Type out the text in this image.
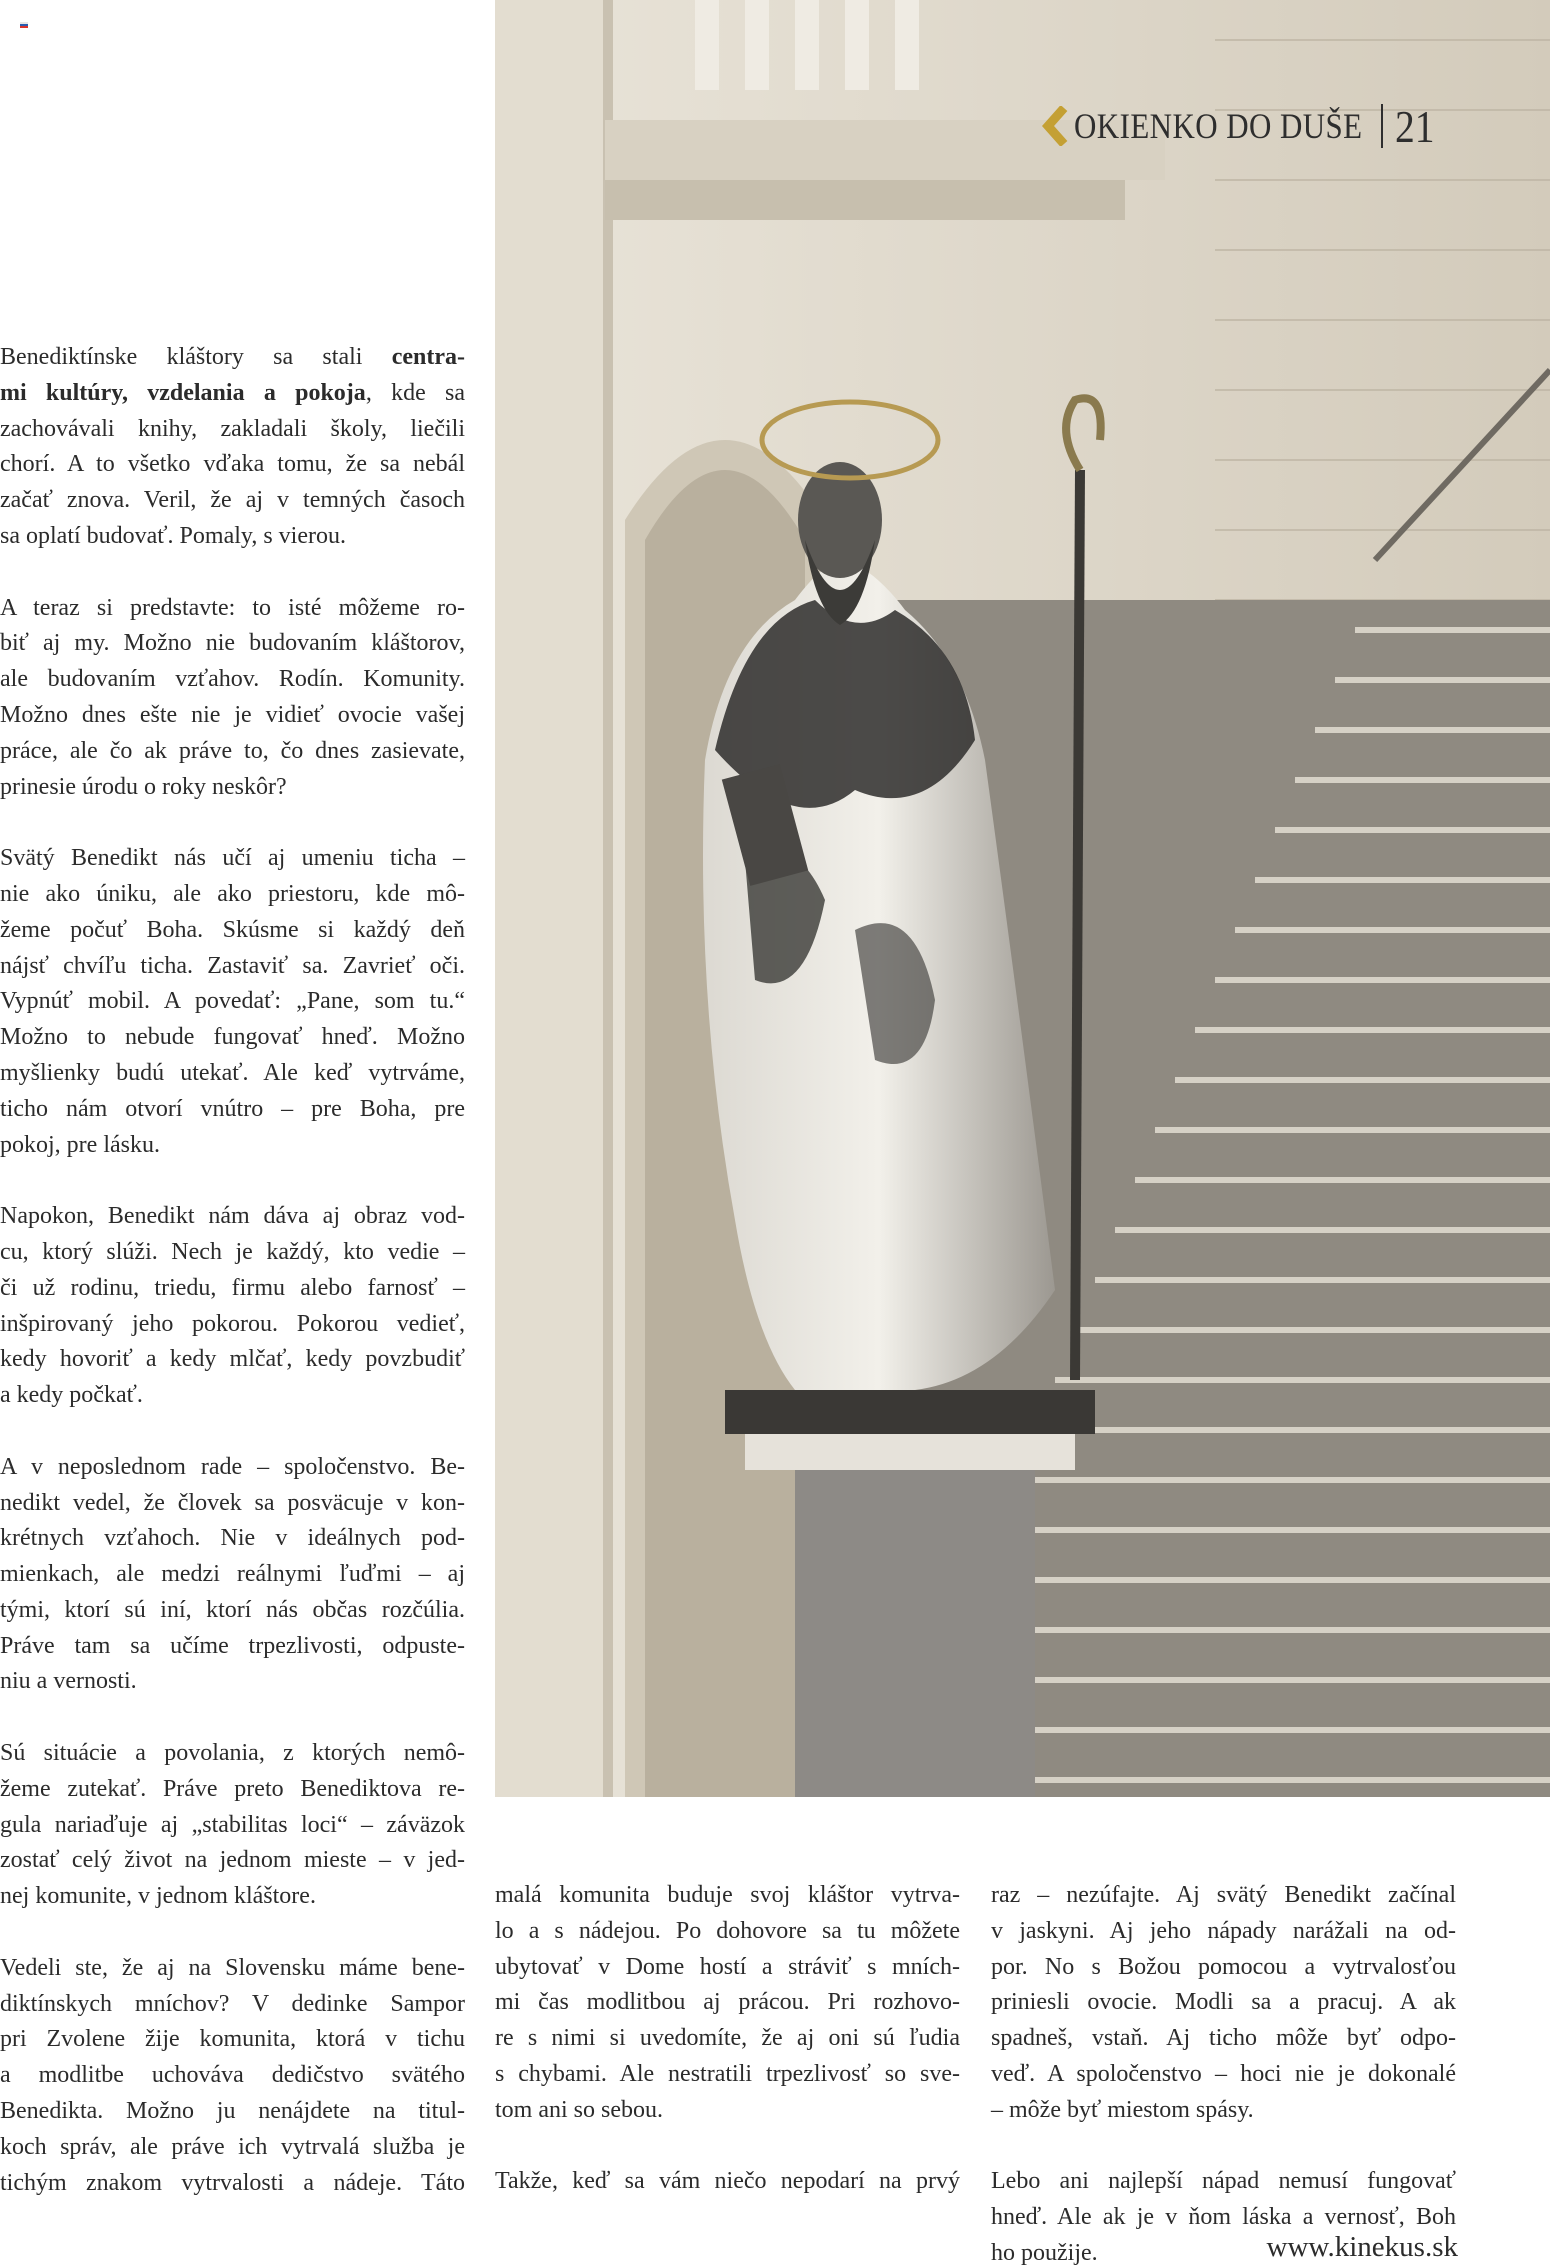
OKIENKO DO DUŠE 21

Benediktínske kláštory sa stali centra-
mi kultúry, vzdelania a pokoja, kde sa
zachovávali knihy, zakladali školy, liečili
chorí. A to všetko vďaka tomu, že sa nebál
začať znova. Veril, že aj v temných časoch
sa oplatí budovať. Pomaly, s vierou.

A teraz si predstavte: to isté môžeme ro-
biť aj my. Možno nie budovaním kláštorov,
ale budovaním vzťahov. Rodín. Komunity.
Možno dnes ešte nie je vidieť ovocie vašej
práce, ale čo ak práve to, čo dnes zasievate,
prinesie úrodu o roky neskôr?

Svätý Benedikt nás učí aj umeniu ticha –
nie ako úniku, ale ako priestoru, kde mô-
žeme počuť Boha. Skúsme si každý deň
nájsť chvíľu ticha. Zastaviť sa. Zavrieť oči.
Vypnúť mobil. A povedať: „Pane, som tu.“
Možno to nebude fungovať hneď. Možno
myšlienky budú utekať. Ale keď vytrváme,
ticho nám otvorí vnútro – pre Boha, pre
pokoj, pre lásku.

Napokon, Benedikt nám dáva aj obraz vod-
cu, ktorý slúži. Nech je každý, kto vedie –
či už rodinu, triedu, firmu alebo farnosť –
inšpirovaný jeho pokorou. Pokorou vedieť,
kedy hovoriť a kedy mlčať, kedy povzbudiť
a kedy počkať.

A v neposlednom rade – spoločenstvo. Be-
nedikt vedel, že človek sa posväcuje v kon-
krétnych vzťahoch. Nie v ideálnych pod-
mienkach, ale medzi reálnymi ľuďmi – aj
tými, ktorí sú iní, ktorí nás občas rozčúlia.
Práve tam sa učíme trpezlivosti, odpuste-
niu a vernosti.

Sú situácie a povolania, z ktorých nemô-
žeme zutekať. Práve preto Benediktova re-
gula nariaďuje aj „stabilitas loci“ – záväzok
zostať celý život na jednom mieste – v jed-
nej komunite, v jednom kláštore.

Vedeli ste, že aj na Slovensku máme bene-
diktínskych mníchov? V dedinke Sampor
pri Zvolene žije komunita, ktorá v tichu
a modlitbe uchováva dedičstvo svätého
Benedikta. Možno ju nenájdete na titul-
koch správ, ale práve ich vytrvalá služba je
tichým znakom vytrvalosti a nádeje. Táto

malá komunita buduje svoj kláštor vytrva-
lo a s nádejou. Po dohovore sa tu môžete
ubytovať v Dome hostí a stráviť s mních-
mi čas modlitbou aj prácou. Pri rozhovo-
re s nimi si uvedomíte, že aj oni sú ľudia
s chybami. Ale nestratili trpezlivosť so sve-
tom ani so sebou.

Takže, keď sa vám niečo nepodarí na prvý

raz – nezúfajte. Aj svätý Benedikt začínal
v jaskyni. Aj jeho nápady narážali na od-
por. No s Božou pomocou a vytrvalosťou
priniesli ovocie. Modli sa a pracuj. A ak
spadneš, vstaň. Aj ticho môže byť odpo-
veď. A spoločenstvo – hoci nie je dokonalé
– môže byť miestom spásy.

Lebo ani najlepší nápad nemusí fungovať
hneď. Ale ak je v ňom láska a vernosť, Boh
ho použije.	www.kinekus.sk
